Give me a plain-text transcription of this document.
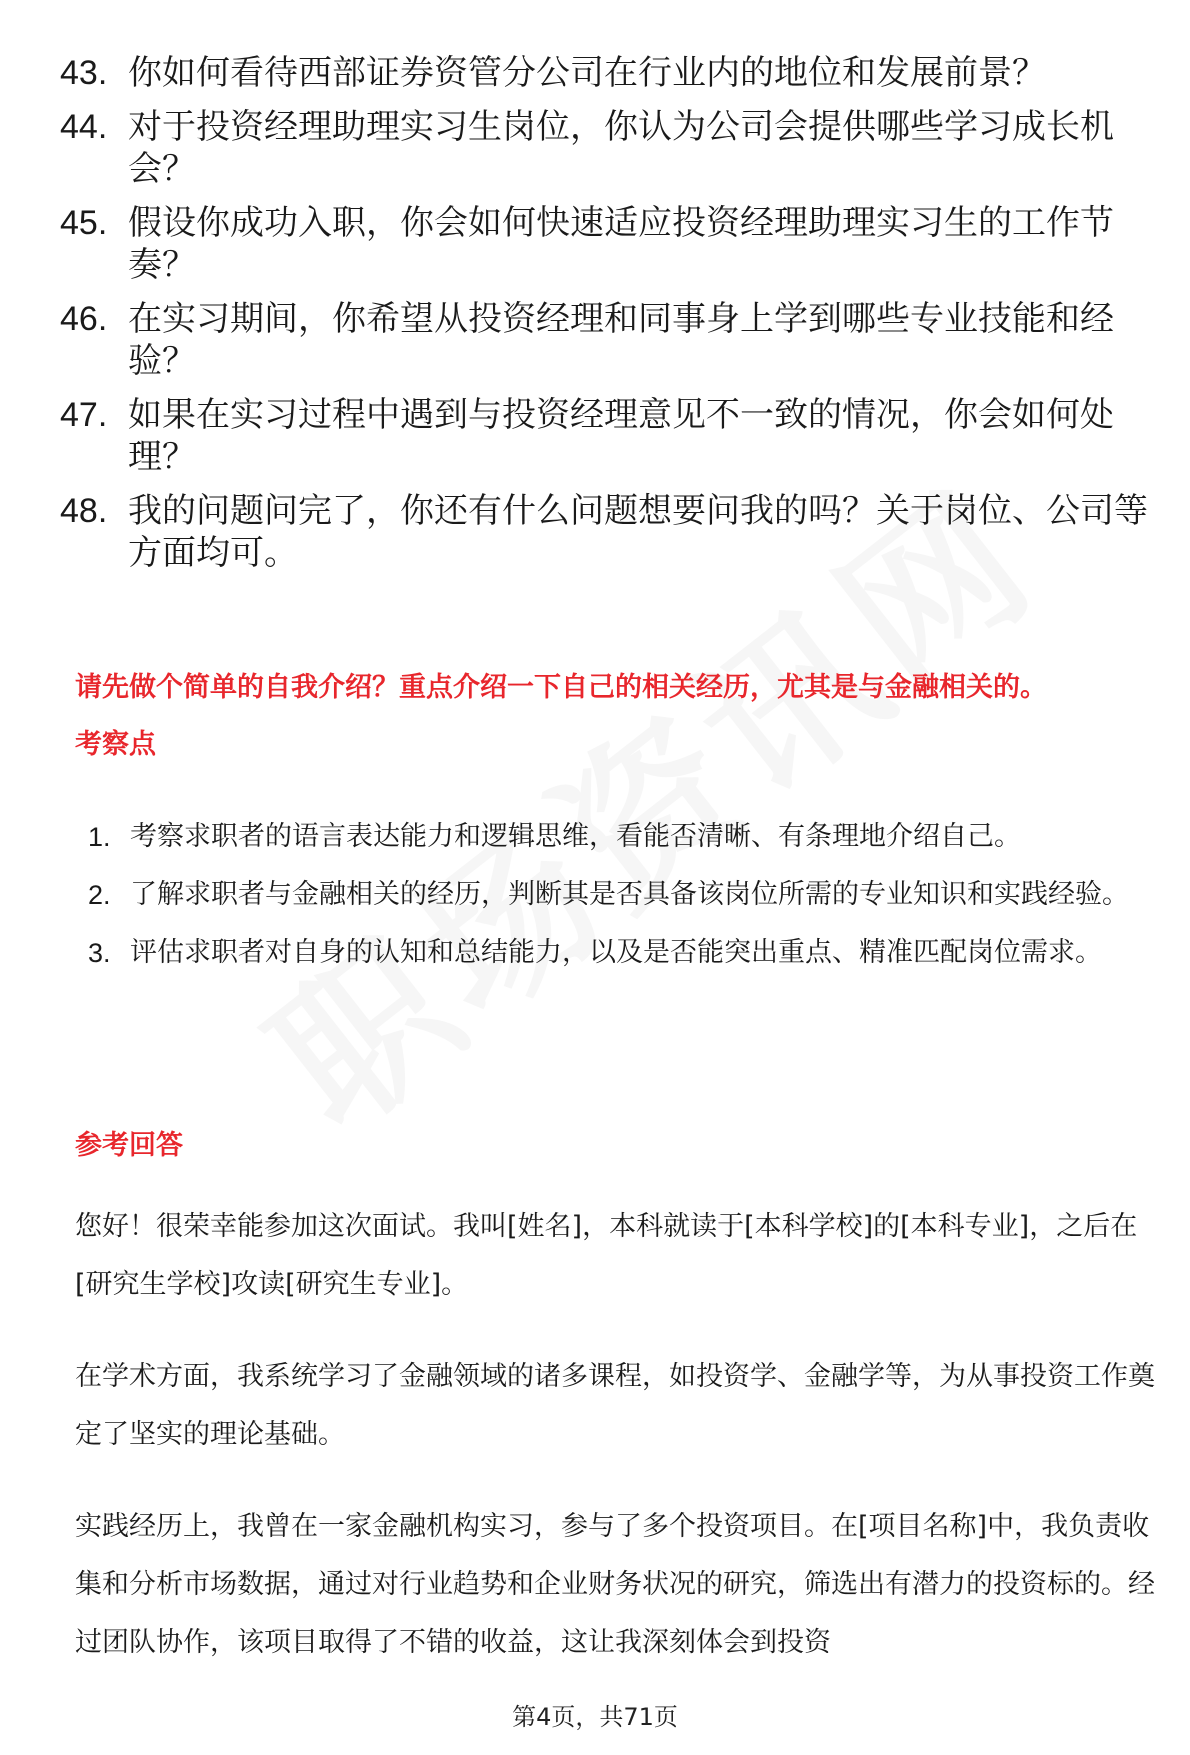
43. 你如何看待西部证券资管分公司在行业内的地位和发展前景？
44. 对于投资经理助理实习生岗位，你认为公司会提供哪些学习成长机会？
45. 假设你成功入职，你会如何快速适应投资经理助理实习生的工作节奏？
46. 在实习期间，你希望从投资经理和同事身上学到哪些专业技能和经验？
47. 如果在实习过程中遇到与投资经理意见不一致的情况，你会如何处理？
48. 我的问题问完了，你还有什么问题想要问我的吗？关于岗位、公司等方面均可。
请先做个简单的自我介绍？重点介绍一下自己的相关经历，尤其是与金融相关的。
考察点
1. 考察求职者的语言表达能力和逻辑思维，看能否清晰、有条理地介绍自己。
2. 了解求职者与金融相关的经历，判断其是否具备该岗位所需的专业知识和实践经验。
3. 评估求职者对自身的认知和总结能力，以及是否能突出重点、精准匹配岗位需求。
参考回答
您好！很荣幸能参加这次面试。我叫[姓名]，本科就读于[本科学校]的[本科专业]，之后在[研究生学校]攻读[研究生专业]。
在学术方面，我系统学习了金融领域的诸多课程，如投资学、金融学等，为从事投资工作奠定了坚实的理论基础。
实践经历上，我曾在一家金融机构实习，参与了多个投资项目。在[项目名称]中，我负责收集和分析市场数据，通过对行业趋势和企业财务状况的研究，筛选出有潜力的投资标的。经过团队协作，该项目取得了不错的收益，这让我深刻体会到投资
第4页，共71页
